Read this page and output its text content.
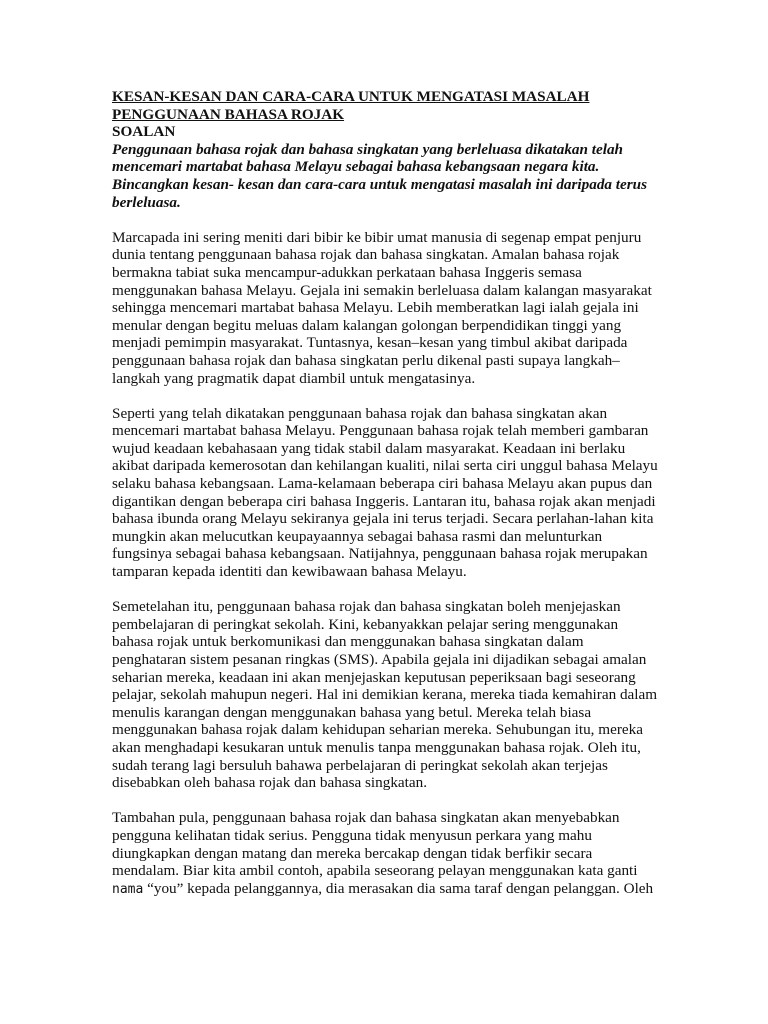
KESAN-KESAN DAN CARA-CARA UNTUK MENGATASI MASALAH
PENGGUNAAN BAHASA ROJAK
SOALAN
Penggunaan bahasa rojak dan bahasa singkatan yang berleluasa dikatakan telah
mencemari martabat bahasa Melayu sebagai bahasa kebangsaan negara kita.
Bincangkan kesan- kesan dan cara-cara untuk mengatasi masalah ini daripada terus
berleluasa.
Marcapada ini sering meniti dari bibir ke bibir umat manusia di segenap empat penjuru
dunia tentang penggunaan bahasa rojak dan bahasa singkatan. Amalan bahasa rojak
bermakna tabiat suka mencampur-adukkan perkataan bahasa Inggeris semasa
menggunakan bahasa Melayu. Gejala ini semakin berleluasa dalam kalangan masyarakat
sehingga mencemari martabat bahasa Melayu. Lebih memberatkan lagi ialah gejala ini
menular dengan begitu meluas dalam kalangan golongan berpendidikan tinggi yang
menjadi pemimpin masyarakat. Tuntasnya, kesan–kesan yang timbul akibat daripada
penggunaan bahasa rojak dan bahasa singkatan perlu dikenal pasti supaya langkah–
langkah yang pragmatik dapat diambil untuk mengatasinya.
Seperti yang telah dikatakan penggunaan bahasa rojak dan bahasa singkatan akan
mencemari martabat bahasa Melayu. Penggunaan bahasa rojak telah memberi gambaran
wujud keadaan kebahasaan yang tidak stabil dalam masyarakat. Keadaan ini berlaku
akibat daripada kemerosotan dan kehilangan kualiti, nilai serta ciri unggul bahasa Melayu
selaku bahasa kebangsaan. Lama-kelamaan beberapa ciri bahasa Melayu akan pupus dan
digantikan dengan beberapa ciri bahasa Inggeris. Lantaran itu, bahasa rojak akan menjadi
bahasa ibunda orang Melayu sekiranya gejala ini terus terjadi. Secara perlahan-lahan kita
mungkin akan melucutkan keupayaannya sebagai bahasa rasmi dan melunturkan
fungsinya sebagai bahasa kebangsaan. Natijahnya, penggunaan bahasa rojak merupakan
tamparan kepada identiti dan kewibawaan bahasa Melayu.
Semetelahan itu, penggunaan bahasa rojak dan bahasa singkatan boleh menjejaskan
pembelajaran di peringkat sekolah. Kini, kebanyakkan pelajar sering menggunakan
bahasa rojak untuk berkomunikasi dan menggunakan bahasa singkatan dalam
penghataran sistem pesanan ringkas (SMS). Apabila gejala ini dijadikan sebagai amalan
seharian mereka, keadaan ini akan menjejaskan keputusan peperiksaan bagi seseorang
pelajar, sekolah mahupun negeri. Hal ini demikian kerana, mereka tiada kemahiran dalam
menulis karangan dengan menggunakan bahasa yang betul. Mereka telah biasa
menggunakan bahasa rojak dalam kehidupan seharian mereka. Sehubungan itu, mereka
akan menghadapi kesukaran untuk menulis tanpa menggunakan bahasa rojak. Oleh itu,
sudah terang lagi bersuluh bahawa perbelajaran di peringkat sekolah akan terjejas
disebabkan oleh bahasa rojak dan bahasa singkatan.
Tambahan pula, penggunaan bahasa rojak dan bahasa singkatan akan menyebabkan
pengguna kelihatan tidak serius. Pengguna tidak menyusun perkara yang mahu
diungkapkan dengan matang dan mereka bercakap dengan tidak berfikir secara
mendalam. Biar kita ambil contoh, apabila seseorang pelayan menggunakan kata ganti
nama “you” kepada pelanggannya, dia merasakan dia sama taraf dengan pelanggan. Oleh
